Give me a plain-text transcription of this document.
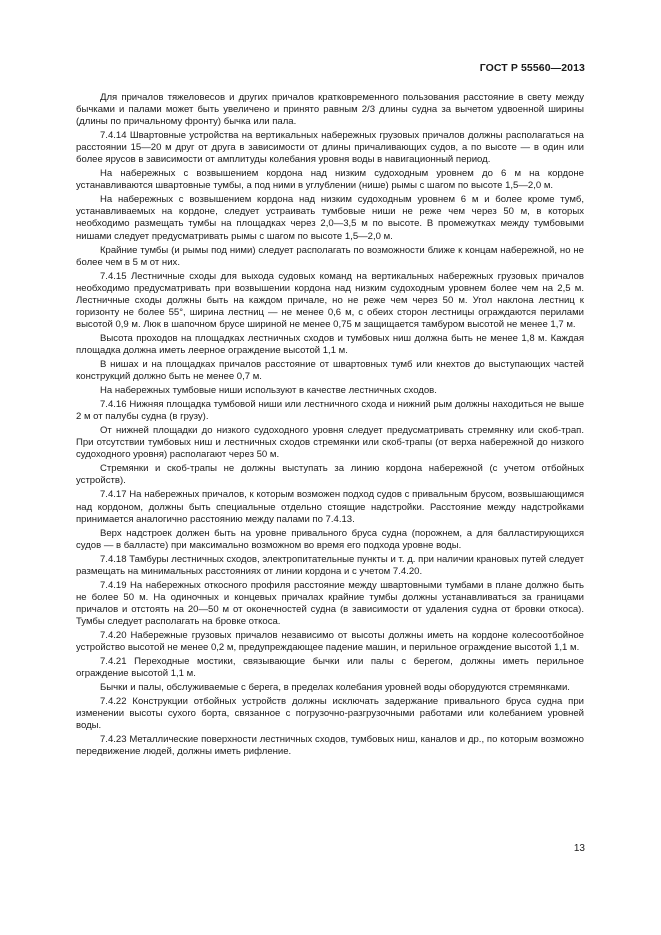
ГОСТ Р 55560—2013

Для причалов тяжеловесов и других причалов кратковременного пользования расстояние в свету между бычками и палами может быть увеличено и принято равным 2/3 длины судна за вычетом удвоенной ширины (длины по причальному фронту) бычка или пала.

7.4.14 Швартовные устройства на вертикальных набережных грузовых причалов должны располагаться на расстоянии 15—20 м друг от друга в зависимости от длины причаливающих судов, а по высоте — в один или более ярусов в зависимости от амплитуды колебания уровня воды в навигационный период.

На набережных с возвышением кордона над низким судоходным уровнем до 6 м на кордоне устанавливаются швартовные тумбы, а под ними в углублении (нише) рымы с шагом по высоте 1,5—2,0 м.

На набережных с возвышением кордона над низким судоходным уровнем 6 м и более кроме тумб, устанавливаемых на кордоне, следует устраивать тумбовые ниши не реже чем через 50 м, в которых необходимо размещать тумбы на площадках через 2,0—3,5 м по высоте. В промежутках между тумбовыми нишами следует предусматривать рымы с шагом по высоте 1,5—2,0 м.

Крайние тумбы (и рымы под ними) следует располагать по возможности ближе к концам набережной, но не более чем в 5 м от них.

7.4.15 Лестничные сходы для выхода судовых команд на вертикальных набережных грузовых причалов необходимо предусматривать при возвышении кордона над низким судоходным уровнем более чем на 2,5 м. Лестничные сходы должны быть на каждом причале, но не реже чем через 50 м. Угол наклона лестниц к горизонту не более 55°, ширина лестниц — не менее 0,6 м, с обеих сторон лестницы ограждаются перилами высотой 0,9 м. Люк в шапочном брусе шириной не менее 0,75 м защищается тамбуром высотой не менее 1,7 м.

Высота проходов на площадках лестничных сходов и тумбовых ниш должна быть не менее 1,8 м. Каждая площадка должна иметь леерное ограждение высотой 1,1 м.

В нишах и на площадках причалов расстояние от швартовных тумб или кнехтов до выступающих частей конструкций должно быть не менее 0,7 м.

На набережных тумбовые ниши используют в качестве лестничных сходов.

7.4.16 Нижняя площадка тумбовой ниши или лестничного схода и нижний рым должны находиться не выше 2 м от палубы судна (в грузу).

От нижней площадки до низкого судоходного уровня следует предусматривать стремянку или скоб-трап. При отсутствии тумбовых ниш и лестничных сходов стремянки или скоб-трапы (от верха набережной до низкого судоходного уровня) располагают через 50 м.

Стремянки и скоб-трапы не должны выступать за линию кордона набережной (с учетом отбойных устройств).

7.4.17 На набережных причалов, к которым возможен подход судов с привальным брусом, возвышающимся над кордоном, должны быть специальные отдельно стоящие надстройки. Расстояние между надстройками принимается аналогично расстоянию между палами по 7.4.13.

Верх надстроек должен быть на уровне привального бруса судна (порожнем, а для балластирующихся судов — в балласте) при максимально возможном во время его подхода уровне воды.

7.4.18 Тамбуры лестничных сходов, электропитательные пункты и т. д. при наличии крановых путей следует размещать на минимальных расстояниях от линии кордона и с учетом 7.4.20.

7.4.19 На набережных откосного профиля расстояние между швартовными тумбами в плане должно быть не более 50 м. На одиночных и концевых причалах крайние тумбы должны устанавливаться за границами причалов и отстоять на 20—50 м от оконечностей судна (в зависимости от удаления судна от бровки откоса). Тумбы следует располагать на бровке откоса.

7.4.20 Набережные грузовых причалов независимо от высоты должны иметь на кордоне колесоотбойное устройство высотой не менее 0,2 м, предупреждающее падение машин, и перильное ограждение высотой 1,1 м.

7.4.21 Переходные мостики, связывающие бычки или палы с берегом, должны иметь перильное ограждение высотой 1,1 м.

Бычки и палы, обслуживаемые с берега, в пределах колебания уровней воды оборудуются стремянками.

7.4.22 Конструкции отбойных устройств должны исключать задержание привального бруса судна при изменении высоты сухого борта, связанное с погрузочно-разгрузочными работами или колебанием уровней воды.

7.4.23 Металлические поверхности лестничных сходов, тумбовых ниш, каналов и др., по которым возможно передвижение людей, должны иметь рифление.

13
